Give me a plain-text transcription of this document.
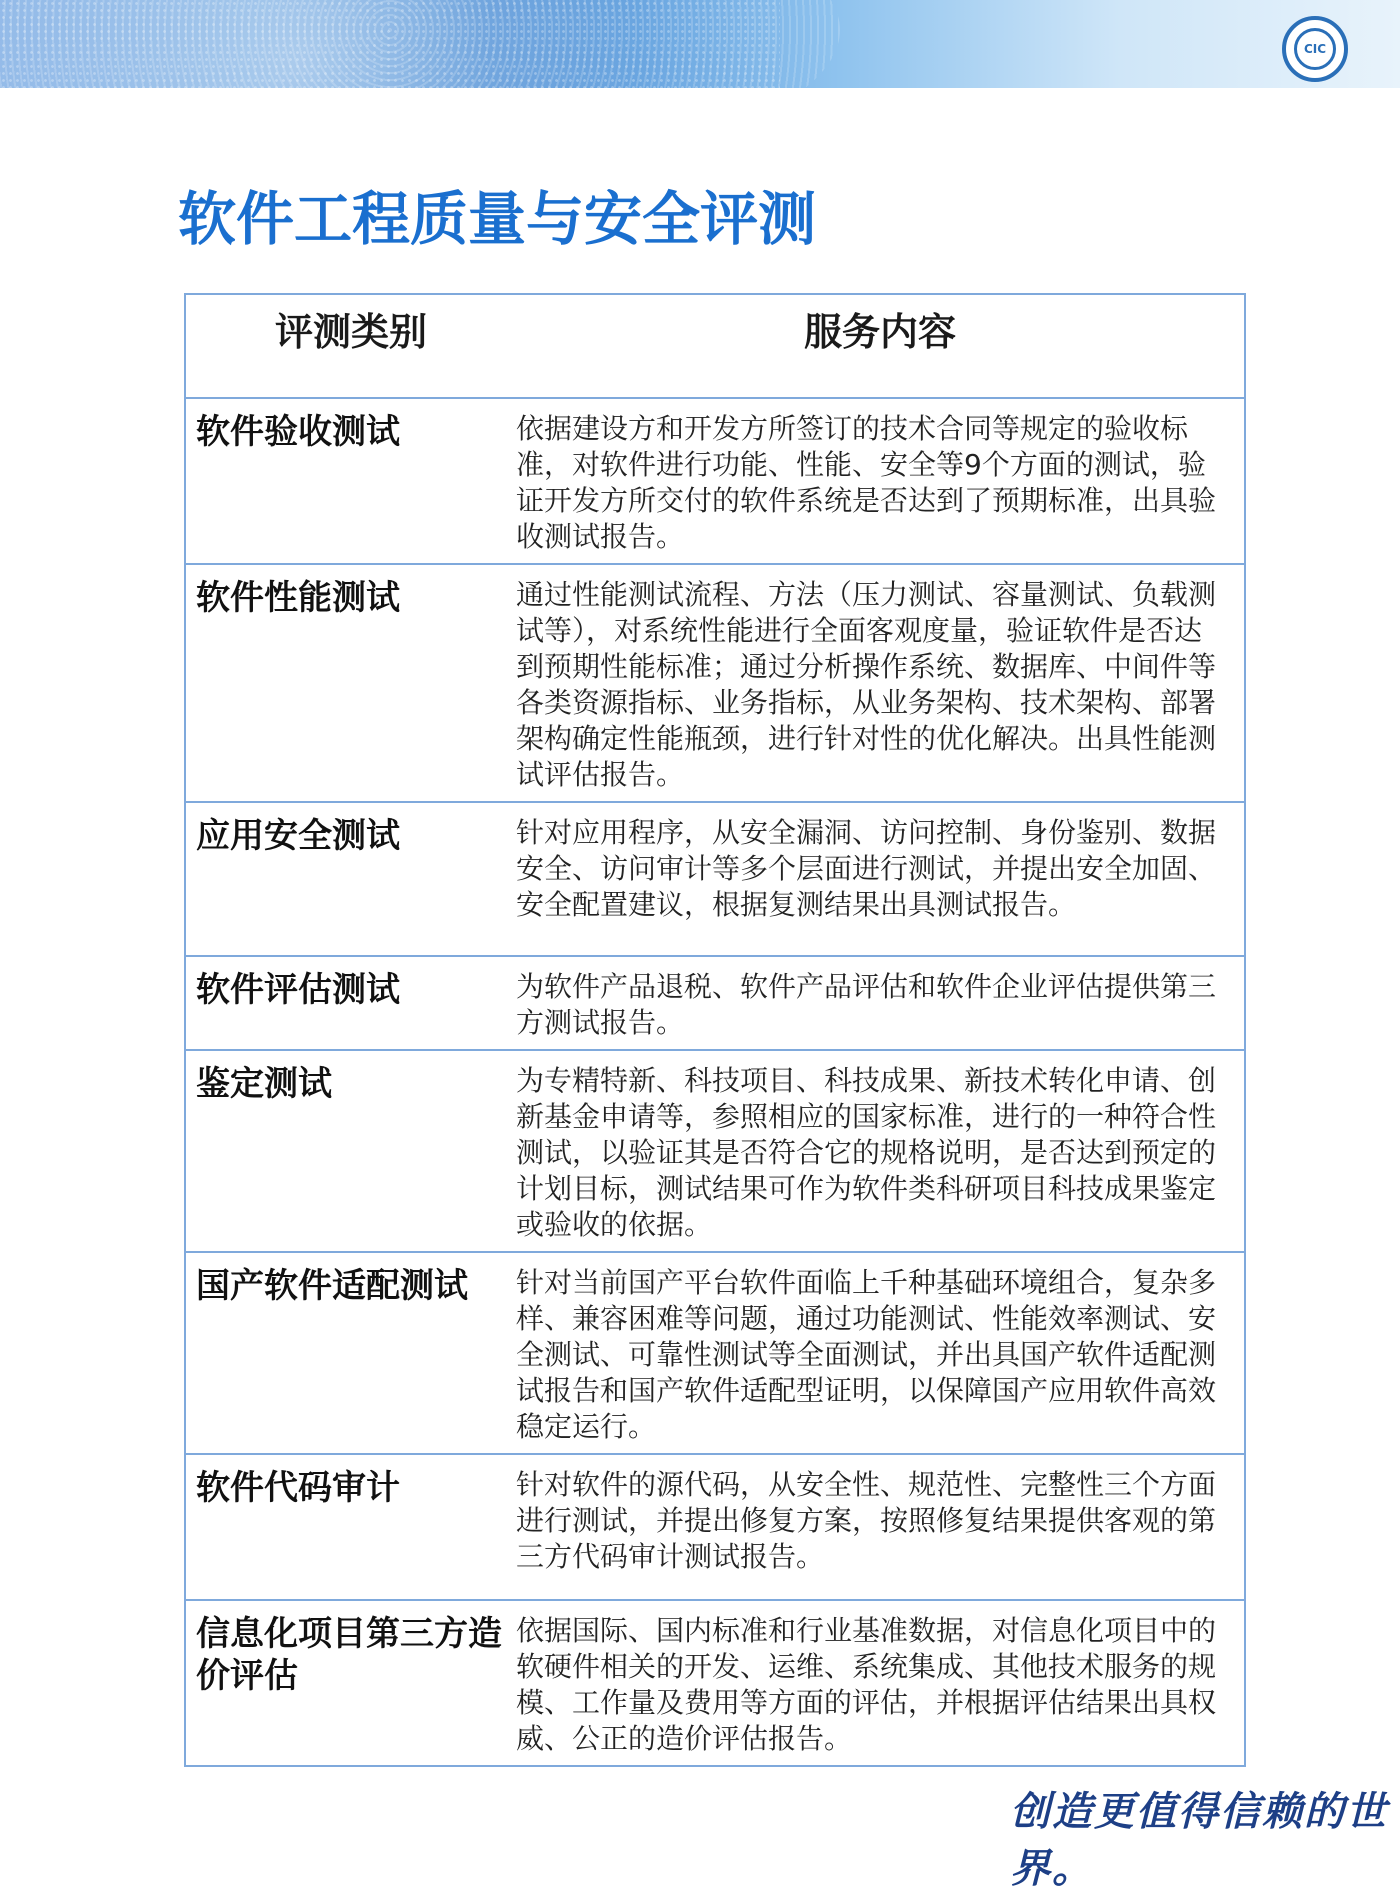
CIC
软件工程质量与安全评测
评测类别	服务内容
软件验收测试	依据建设方和开发方所签订的技术合同等规定的验收标准，对软件进行功能、性能、安全等9个方面的测试，验证开发方所交付的软件系统是否达到了预期标准，出具验收测试报告。
软件性能测试	通过性能测试流程、方法（压力测试、容量测试、负载测试等），对系统性能进行全面客观度量，验证软件是否达到预期性能标准；通过分析操作系统、数据库、中间件等各类资源指标、业务指标，从业务架构、技术架构、部署架构确定性能瓶颈，进行针对性的优化解决。出具性能测试评估报告。
应用安全测试	针对应用程序，从安全漏洞、访问控制、身份鉴别、数据安全、访问审计等多个层面进行测试，并提出安全加固、安全配置建议，根据复测结果出具测试报告。
软件评估测试	为软件产品退税、软件产品评估和软件企业评估提供第三方测试报告。
鉴定测试	为专精特新、科技项目、科技成果、新技术转化申请、创新基金申请等，参照相应的国家标准，进行的一种符合性测试，以验证其是否符合它的规格说明，是否达到预定的计划目标，测试结果可作为软件类科研项目科技成果鉴定或验收的依据。
国产软件适配测试	针对当前国产平台软件面临上千种基础环境组合，复杂多样、兼容困难等问题，通过功能测试、性能效率测试、安全测试、可靠性测试等全面测试，并出具国产软件适配测试报告和国产软件适配型证明，以保障国产应用软件高效稳定运行。
软件代码审计	针对软件的源代码，从安全性、规范性、完整性三个方面进行测试，并提出修复方案，按照修复结果提供客观的第三方代码审计测试报告。
信息化项目第三方造价评估	依据国际、国内标准和行业基准数据，对信息化项目中的软硬件相关的开发、运维、系统集成、其他技术服务的规模、工作量及费用等方面的评估，并根据评估结果出具权威、公正的造价评估报告。
创造更值得信赖的世界。
